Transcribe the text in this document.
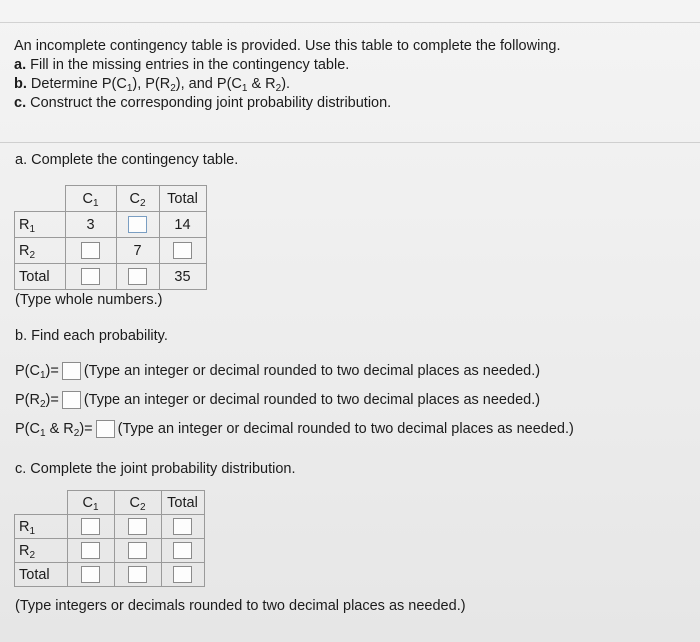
An incomplete contingency table is provided. Use this table to complete the following.
a. Fill in the missing entries in the contingency table.
b. Determine $P(C_1)$, $P(R_2)$, and $P(C_1$ & $R_2$).
c. Construct the corresponding joint probability distribution.
a. Complete the contingency table.
	$C_1$	$C_2$	Total
$R_1$	3		14
$R_2$		7	
Total			35
(Type whole numbers.)
b. Find each probability.
$P(C_1)=$ (Type an integer or decimal rounded to two decimal places as needed.)
$P(R_2)=$ (Type an integer or decimal rounded to two decimal places as needed.)
$P(C_1$ & $R_2)=$ (Type an integer or decimal rounded to two decimal places as needed.)
c. Complete the joint probability distribution.
	$C_1$	$C_2$	Total
$R_1$			
$R_2$			
Total			
(Type integers or decimals rounded to two decimal places as needed.)
